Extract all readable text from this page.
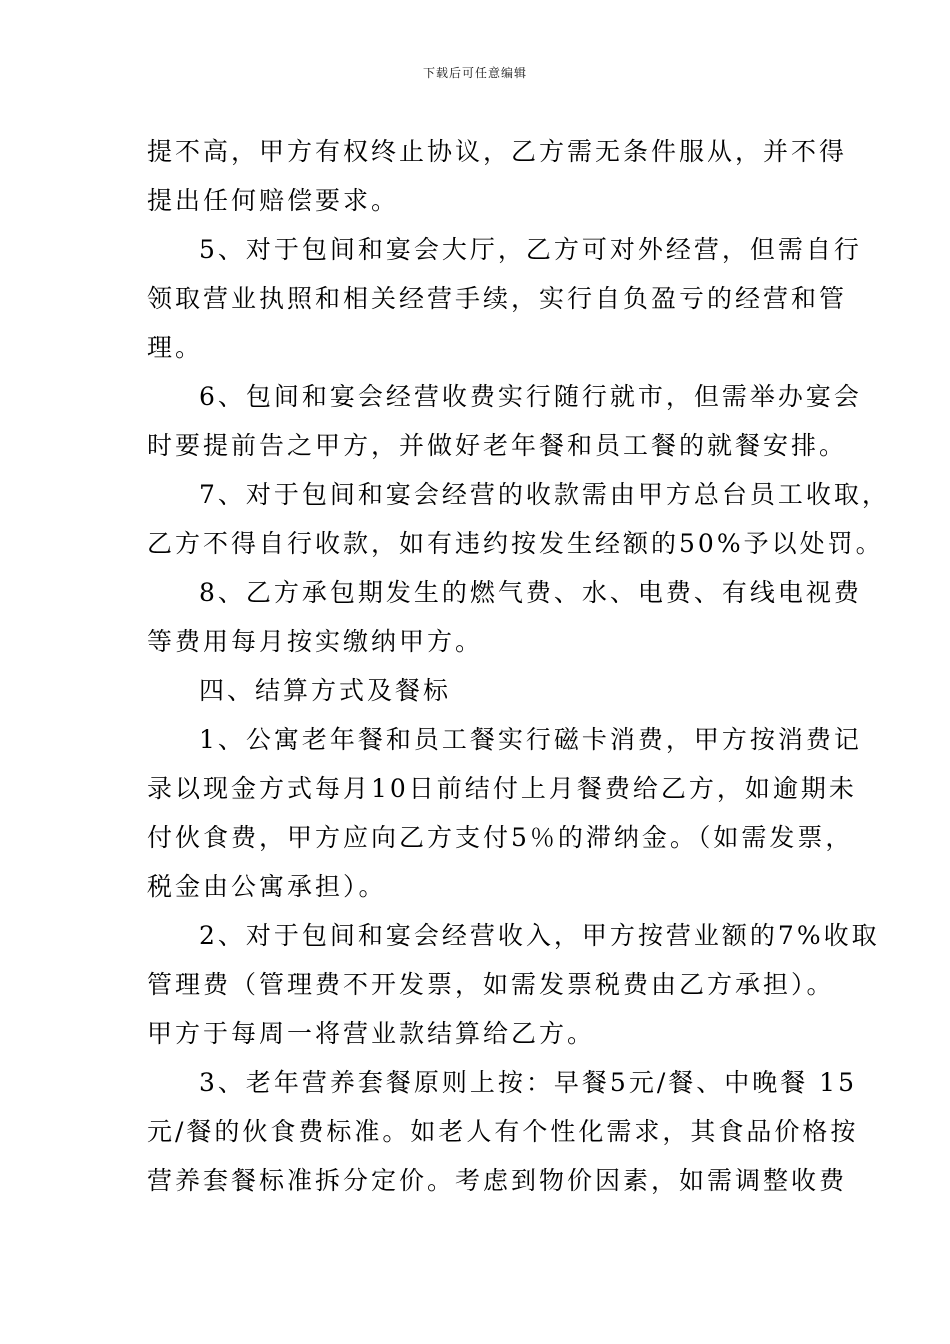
下载后可任意编辑
提不高，甲方有权终止协议，乙方需无条件服从，并不得
提出任何赔偿要求。
5、对于包间和宴会大厅，乙方可对外经营，但需自行
领取营业执照和相关经营手续，实行自负盈亏的经营和管
理。
6、包间和宴会经营收费实行随行就市，但需举办宴会
时要提前告之甲方，并做好老年餐和员工餐的就餐安排。
7、对于包间和宴会经营的收款需由甲方总台员工收取，
乙方不得自行收款，如有违约按发生经额的50%予以处罚。
8、乙方承包期发生的燃气费、水、电费、有线电视费
等费用每月按实缴纳甲方。
四、结算方式及餐标
1、公寓老年餐和员工餐实行磁卡消费，甲方按消费记
录以现金方式每月10日前结付上月餐费给乙方，如逾期未
付伙食费，甲方应向乙方支付5％的滞纳金。（如需发票，
税金由公寓承担）。
2、对于包间和宴会经营收入，甲方按营业额的7%收取
管理费（管理费不开发票，如需发票税费由乙方承担）。
甲方于每周一将营业款结算给乙方。
3、老年营养套餐原则上按：早餐5元/餐、中晚餐 15
元/餐的伙食费标准。如老人有个性化需求，其食品价格按
营养套餐标准拆分定价。考虑到物价因素，如需调整收费
